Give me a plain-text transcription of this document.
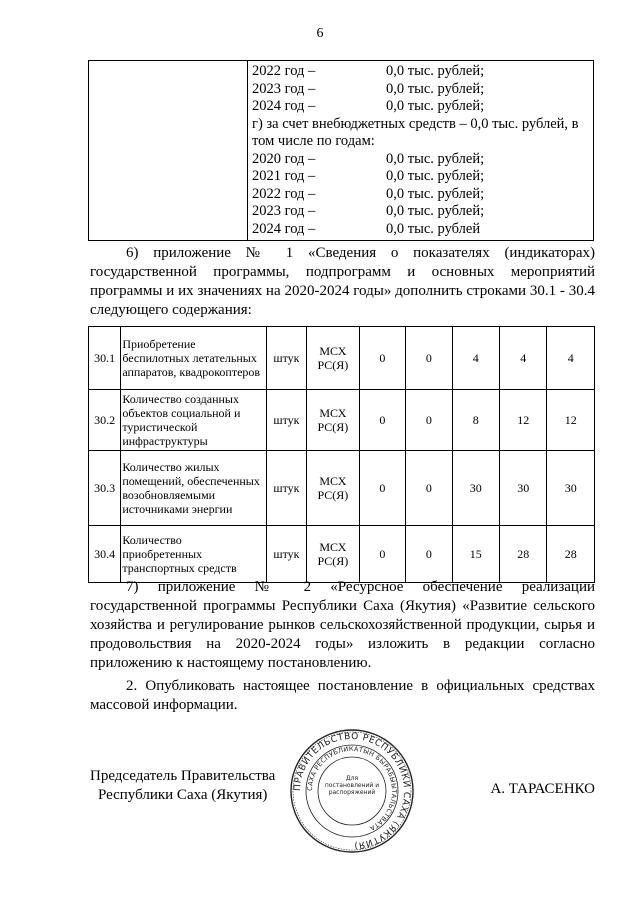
6

2022 год –	0,0 тыс. рублей;
2023 год –	0,0 тыс. рублей;
2024 год –	0,0 тыс. рублей;
г) за счет внебюджетных средств – 0,0 тыс. рублей, в том числе по годам:
2020 год –	0,0 тыс. рублей;
2021 год –	0,0 тыс. рублей;
2022 год –	0,0 тыс. рублей;
2023 год –	0,0 тыс. рублей;
2024 год –	0,0 тыс. рублей
6) приложение № 1 «Сведения о показателях (индикаторах) государственной программы, подпрограмм и основных мероприятий программы и их значениях на 2020-2024 годы» дополнить строками 30.1 - 30.4 следующего содержания:
30.1	Приобретение беспилотных летательных аппаратов, квадрокоптеров	штук	МСХ РС(Я)	0	0	4	4	4
30.2	Количество созданных объектов социальной и туристической инфраструктуры	штук	МСХ РС(Я)	0	0	8	12	12
30.3	Количество жилых помещений, обеспеченных возобновляемыми источниками энергии	штук	МСХ РС(Я)	0	0	30	30	30
30.4	Количество приобретенных транспортных средств	штук	МСХ РС(Я)	0	0	15	28	28
7) приложение № 2 «Ресурсное обеспечение реализации государственной программы Республики Саха (Якутия) «Развитие сельского хозяйства и регулирование рынков сельскохозяйственной продукции, сырья и продовольствия на 2020-2024 годы» изложить в редакции согласно приложению к настоящему постановлению.
2. Опубликовать настоящее постановление в официальных средствах массовой информации.
Председатель Правительства
Республики Саха (Якутия)	ПРАВИТЕЛЬСТВО РЕСПУБЛИКИ САХА (ЯКУТИЯ)
САХА РЕСПУБЛИКАТЫН БЫРАБЫЫТАЛЬСТВАТА
Для постановлений и распоряжений	А. ТАРАСЕНКО
